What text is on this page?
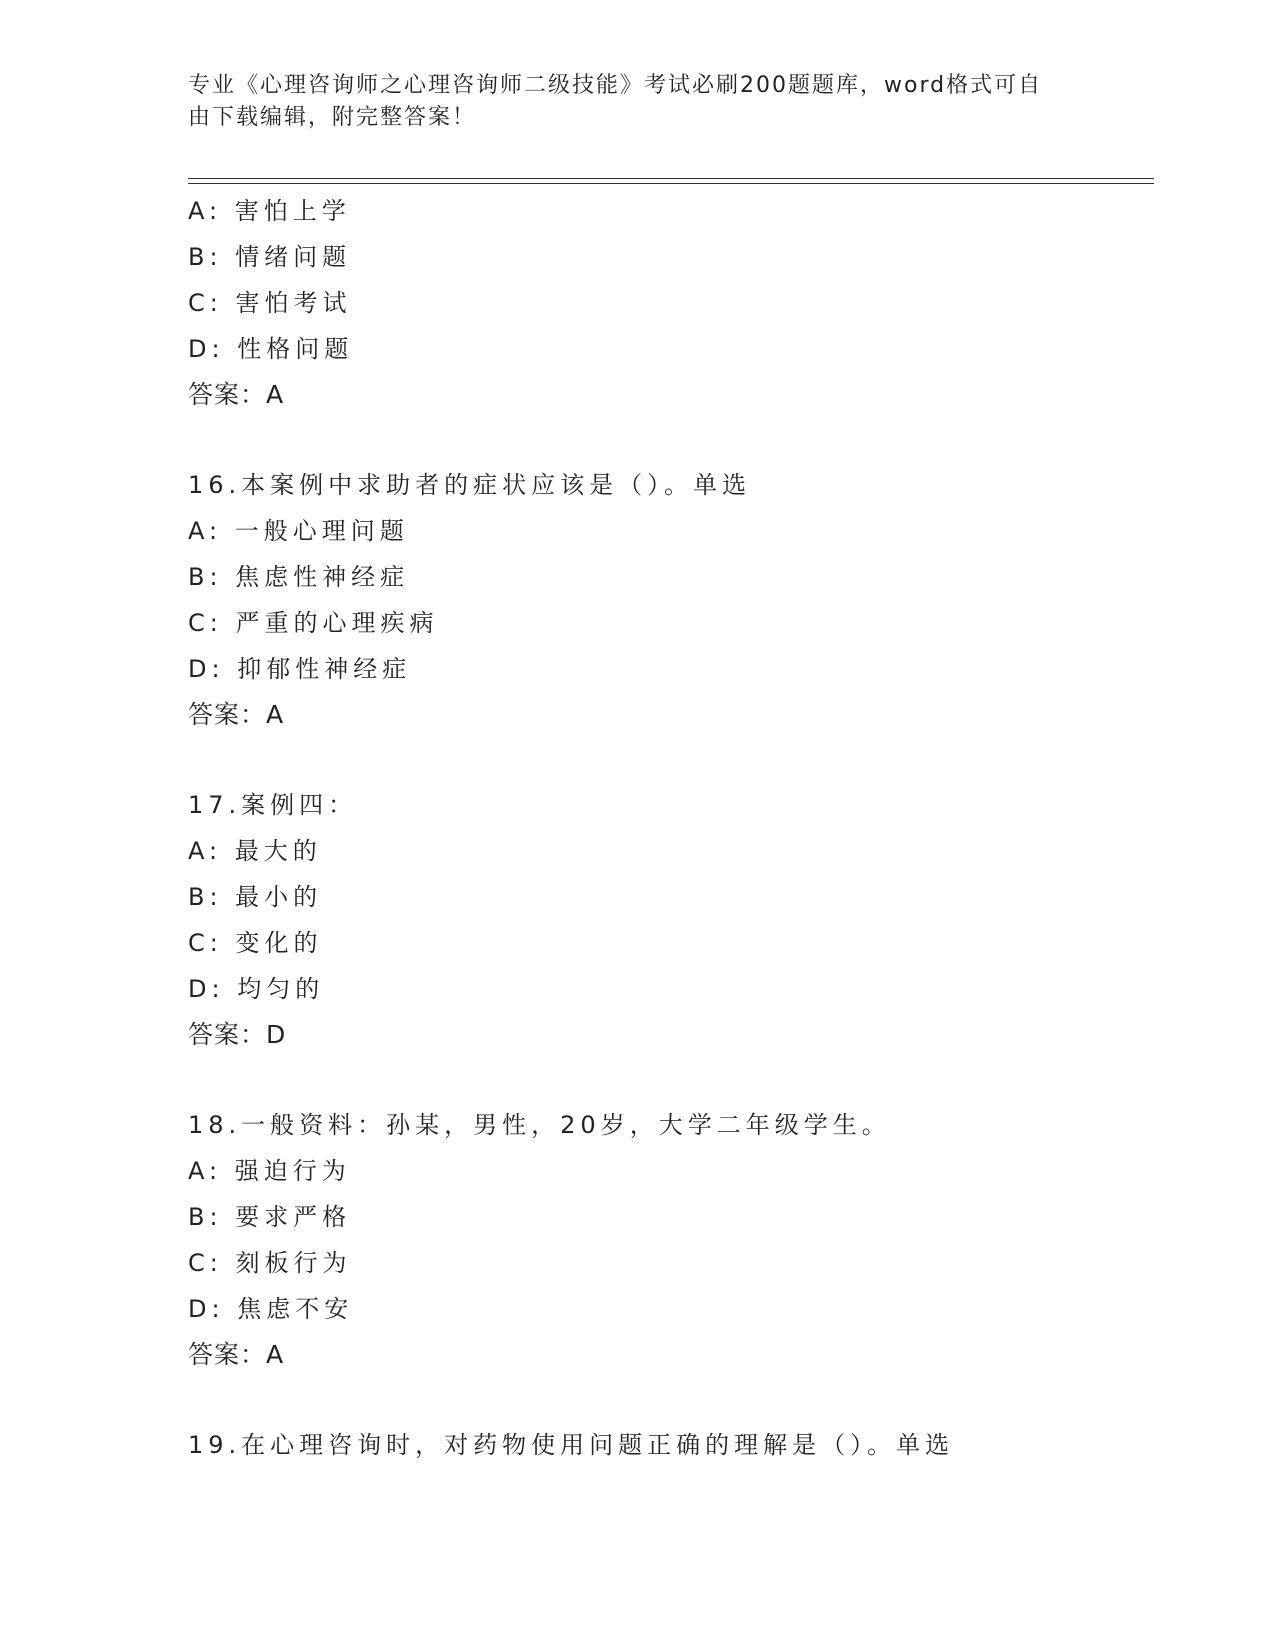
专业《心理咨询师之心理咨询师二级技能》考试必刷200题题库，word格式可自
由下载编辑，附完整答案！
A: 害怕上学
B: 情绪问题
C: 害怕考试
D: 性格问题
答案：A
16.本案例中求助者的症状应该是（）。单选
A: 一般心理问题
B: 焦虑性神经症
C: 严重的心理疾病
D: 抑郁性神经症
答案：A
17.案例四：
A: 最大的
B: 最小的
C: 变化的
D: 均匀的
答案：D
18.一般资料：孙某，男性，20岁，大学二年级学生。
A: 强迫行为
B: 要求严格
C: 刻板行为
D: 焦虑不安
答案：A
19.在心理咨询时，对药物使用问题正确的理解是（）。单选
